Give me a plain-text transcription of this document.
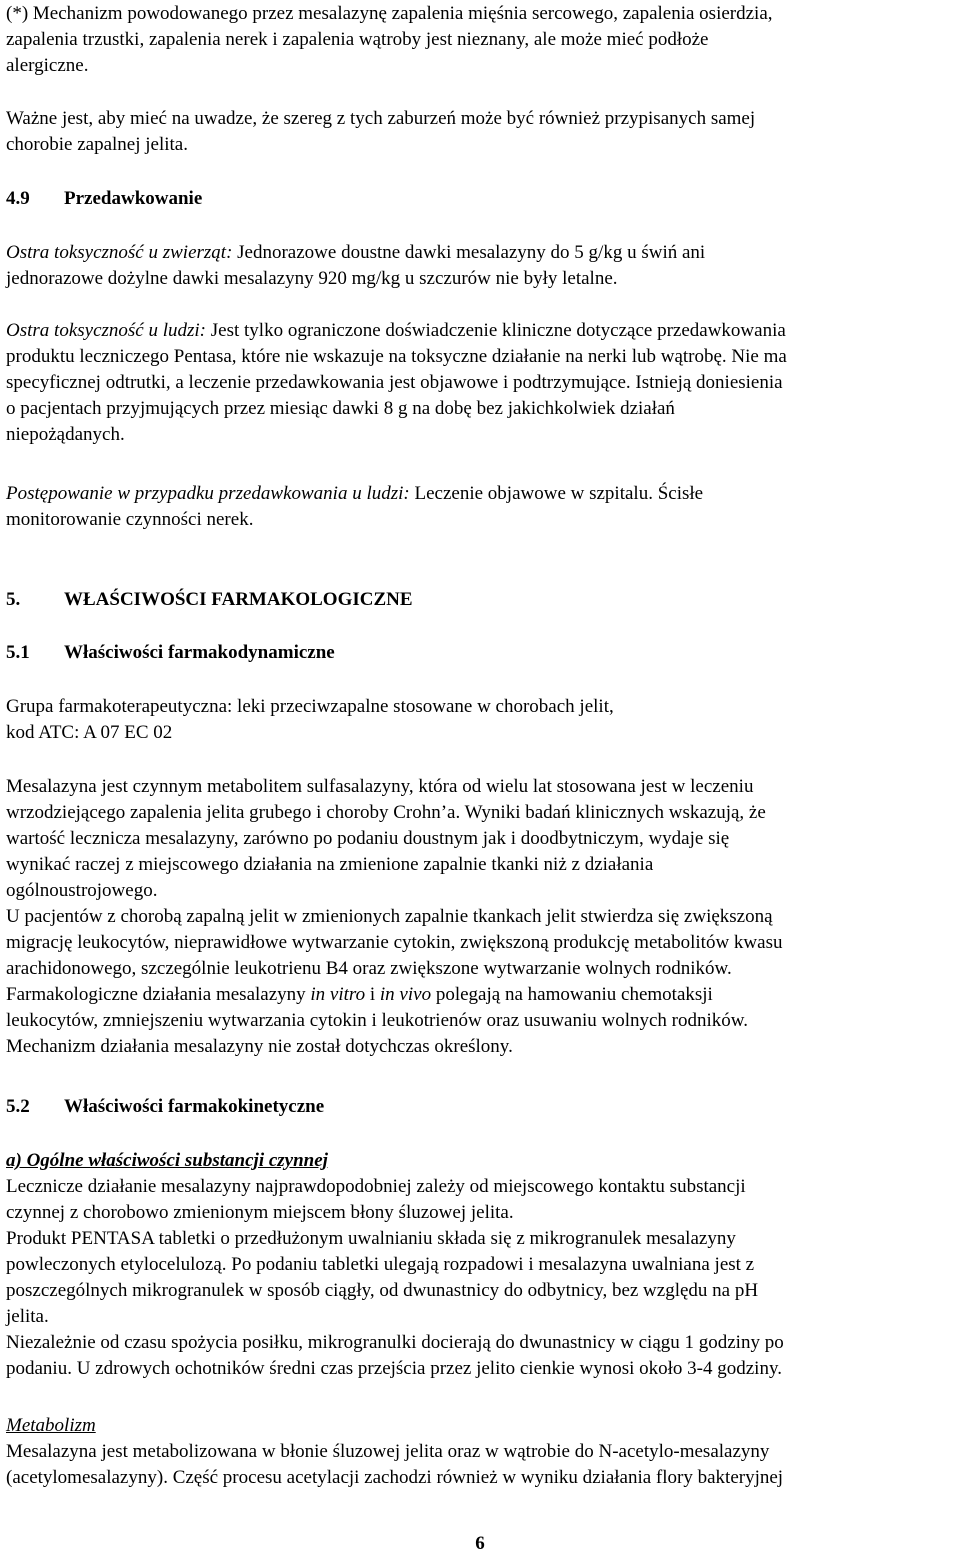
(*) Mechanizm powodowanego przez mesalazynę zapalenia mięśnia sercowego, zapalenia osierdzia,
zapalenia trzustki, zapalenia nerek i zapalenia wątroby jest nieznany, ale może mieć podłoże
alergiczne.
Ważne jest, aby mieć na uwadze, że szereg z tych zaburzeń może być również przypisanych samej
chorobie zapalnej jelita.
4.9 Przedawkowanie
Ostra toksyczność u zwierząt: Jednorazowe doustne dawki mesalazyny do 5 g/kg u świń ani
jednorazowe dożylne dawki mesalazyny 920 mg/kg u szczurów nie były letalne.
Ostra toksyczność u ludzi: Jest tylko ograniczone doświadczenie kliniczne dotyczące przedawkowania
produktu leczniczego Pentasa, które nie wskazuje na toksyczne działanie na nerki lub wątrobę. Nie ma
specyficznej odtrutki, a leczenie przedawkowania jest objawowe i podtrzymujące. Istnieją doniesienia
o pacjentach przyjmujących przez miesiąc dawki 8 g na dobę bez jakichkolwiek działań
niepożądanych.
Postępowanie w przypadku przedawkowania u ludzi: Leczenie objawowe w szpitalu. Ścisłe
monitorowanie czynności nerek.
5. WŁAŚCIWOŚCI FARMAKOLOGICZNE
5.1 Właściwości farmakodynamiczne
Grupa farmakoterapeutyczna: leki przeciwzapalne stosowane w chorobach jelit,
kod ATC: A 07 EC 02
Mesalazyna jest czynnym metabolitem sulfasalazyny, która od wielu lat stosowana jest w leczeniu
wrzodziejącego zapalenia jelita grubego i choroby Crohn’a. Wyniki badań klinicznych wskazują, że
wartość lecznicza mesalazyny, zarówno po podaniu doustnym jak i doodbytniczym, wydaje się
wynikać raczej z miejscowego działania na zmienione zapalnie tkanki niż z działania
ogólnoustrojowego.
U pacjentów z chorobą zapalną jelit w zmienionych zapalnie tkankach jelit stwierdza się zwiększoną
migrację leukocytów, nieprawidłowe wytwarzanie cytokin, zwiększoną produkcję metabolitów kwasu
arachidonowego, szczególnie leukotrienu B4 oraz zwiększone wytwarzanie wolnych rodników.
Farmakologiczne działania mesalazyny in vitro i in vivo polegają na hamowaniu chemotaksji
leukocytów, zmniejszeniu wytwarzania cytokin i leukotrienów oraz usuwaniu wolnych rodników.
Mechanizm działania mesalazyny nie został dotychczas określony.
5.2 Właściwości farmakokinetyczne
a) Ogólne właściwości substancji czynnej
Lecznicze działanie mesalazyny najprawdopodobniej zależy od miejscowego kontaktu substancji
czynnej z chorobowo zmienionym miejscem błony śluzowej jelita.
Produkt PENTASA tabletki o przedłużonym uwalnianiu składa się z mikrogranulek mesalazyny
powleczonych etylocelulozą. Po podaniu tabletki ulegają rozpadowi i mesalazyna uwalniana jest z
poszczególnych mikrogranulek w sposób ciągły, od dwunastnicy do odbytnicy, bez względu na pH
jelita.
Niezależnie od czasu spożycia posiłku, mikrogranulki docierają do dwunastnicy w ciągu 1 godziny po
podaniu. U zdrowych ochotników średni czas przejścia przez jelito cienkie wynosi około 3-4 godziny.
Metabolizm
Mesalazyna jest metabolizowana w błonie śluzowej jelita oraz w wątrobie do N-acetylo-mesalazyny
(acetylomesalazyny). Część procesu acetylacji zachodzi również w wyniku działania flory bakteryjnej
6
